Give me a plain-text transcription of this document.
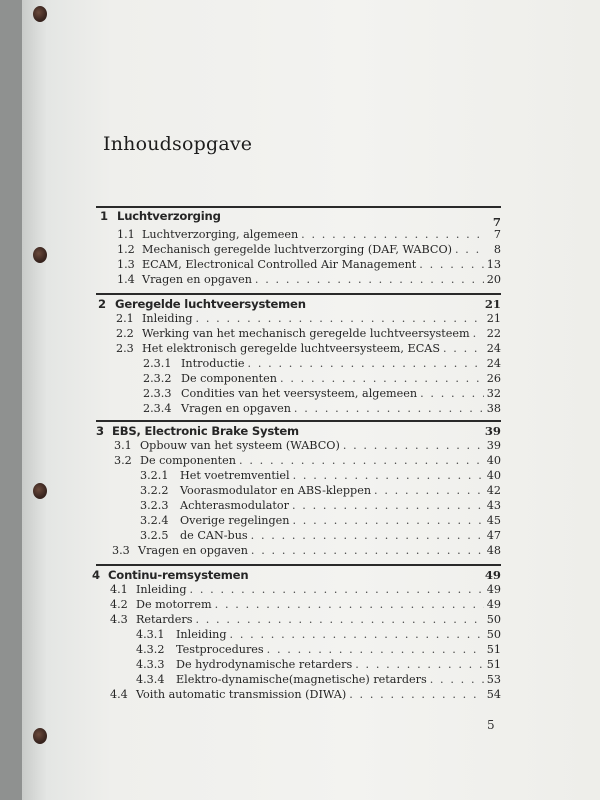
Inhoudsopgave
1 Luchtverzorging	7
1.1 Luchtverzorging, algemeen . . .	7
1.2 Mechanisch geregelde luchtverzorging (DAF, WABCO) . . .	8
1.3 ECAM, Electronical Controlled Air Management . . .	13
1.4 Vragen en opgaven . . .	20
2 Geregelde luchtveersystemen	21
2.1 Inleiding . . .	21
2.2 Werking van het mechanisch geregelde luchtveersysteem . . . 22
2.3 Het elektronisch geregelde luchtveersysteem, ECAS . . .	24
2.3.1 Introductie . . .	24
2.3.2 De componenten . . .	26
2.3.3 Condities van het veersysteem, algemeen . . .	32
2.3.4 Vragen en opgaven . . .	38
3 EBS, Electronic Brake System	39
3.1 Opbouw van het systeem (WABCO) . . .	39
3.2 De componenten . . .	40
3.2.1	Het voetremventiel . . .	40
3.2.2	Voorasmodulator en ABS-kleppen . . .	42
3.2.3	Achterasmodulator . . .	43
3.2.4	Overige regelingen . . .	45
3.2.5	de CAN-bus . . .	47
3.3 Vragen en opgaven . . .	48
4 Continu-remsystemen	49
4.1 Inleiding . . .	49
4.2 De motorrem . . .	49
4.3 Retarders . . .	50
4.3.1	Inleiding . . .	50
4.3.2	Testprocedures . . .	51
4.3.3	De hydrodynamische retarders . . .	51
4.3.4	Elektro-dynamische(magnetische) retarders . . .	53
4.4 Voith automatic transmission (DIWA) . . .	54
5
